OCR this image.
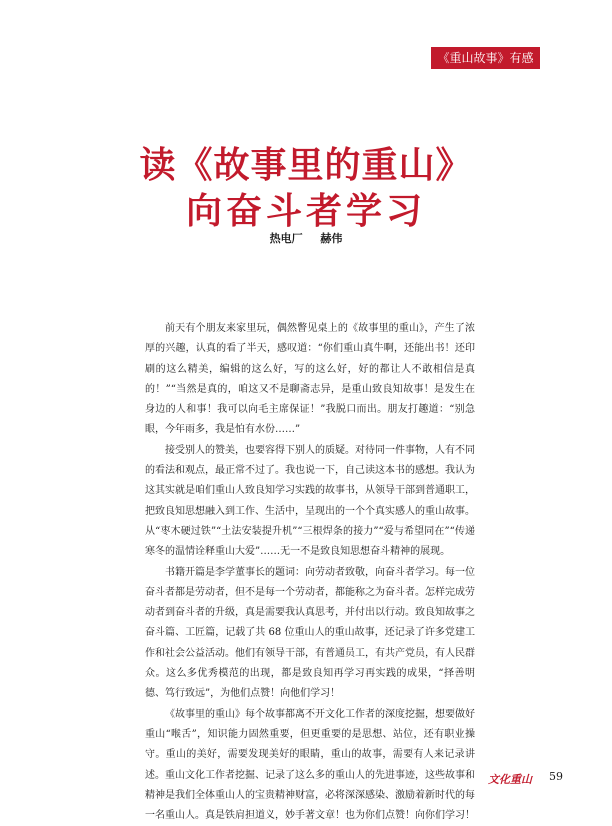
《重山故事》有感
读《故事里的重山》
向奋斗者学习
热电厂 赫伟

前天有个朋友来家里玩，偶然瞥见桌上的《故事里的重山》，产生了浓厚的兴趣，认真的看了半天，感叹道：“你们重山真牛啊，还能出书！还印刷的这么精美，编辑的这么好，写的这么好，好的都让人不敢相信是真的！”“当然是真的，咱这又不是聊斋志异，是重山致良知故事！是发生在身边的人和事！我可以向毛主席保证！”我脱口而出。朋友打趣道：“别急眼，今年雨多，我是怕有水份……”

接受别人的赞美，也要容得下别人的质疑。对待同一件事物，人有不同的看法和观点，最正常不过了。我也说一下，自己读这本书的感想。我认为这其实就是咱们重山人致良知学习实践的故事书，从领导干部到普通职工，把致良知思想融入到工作、生活中，呈现出的一个个真实感人的重山故事。从“枣木硬过铁”“土法安装提升机”“三根焊条的接力”“爱与希望同在”“传递寒冬的温情诠释重山大爱”……无一不是致良知思想奋斗精神的展现。

书籍开篇是李学董事长的题词：向劳动者致敬，向奋斗者学习。每一位奋斗者都是劳动者，但不是每一个劳动者，都能称之为奋斗者。怎样完成劳动者到奋斗者的升级，真是需要我认真思考，并付出以行动。致良知故事之奋斗篇、工匠篇，记载了共 68 位重山人的重山故事，还记录了许多党建工作和社会公益活动。他们有领导干部，有普通员工，有共产党员，有人民群众。这么多优秀模范的出现，都是致良知再学习再实践的成果，“择善明德、笃行致远”，为他们点赞！向他们学习！

《故事里的重山》每个故事都离不开文化工作者的深度挖掘，想要做好重山“喉舌”，知识能力固然重要，但更重要的是思想、站位，还有职业操守。重山的美好，需要发现美好的眼睛，重山的故事，需要有人来记录讲述。重山文化工作者挖掘、记录了这么多的重山人的先进事迹，这些故事和精神是我们全体重山人的宝贵精神财富，必将深深感染、激励着新时代的每一名重山人。真是铁肩担道义，妙手著文章！也为你们点赞！向你们学习！

文化重山 59
